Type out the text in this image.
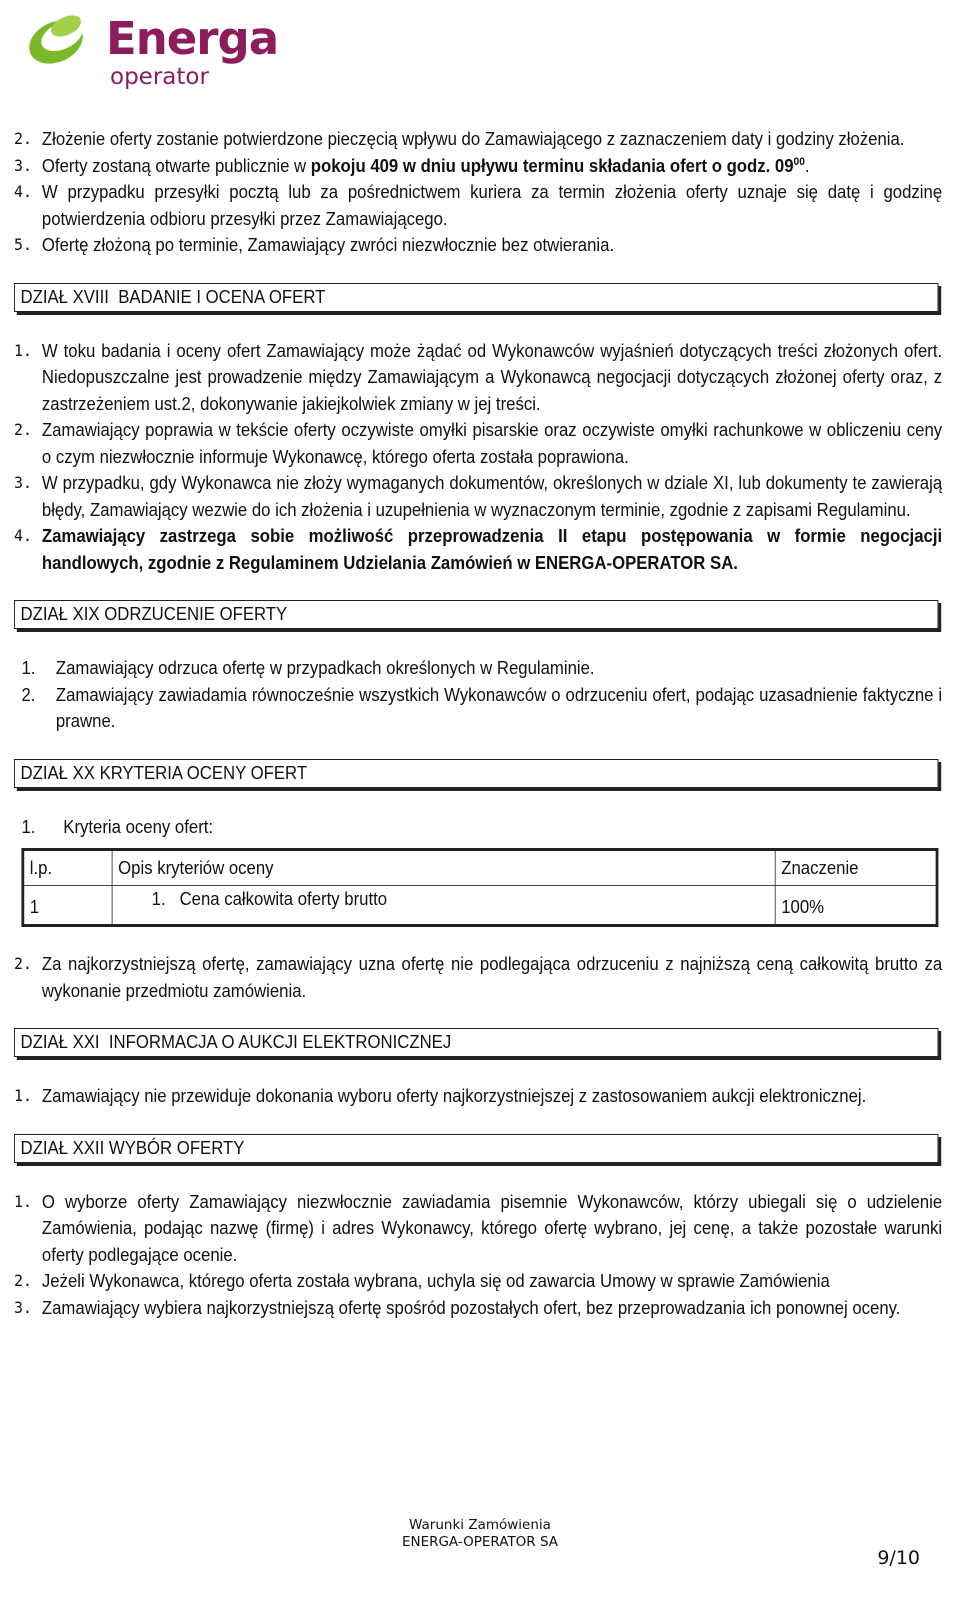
Energa
operator
2. Złożenie oferty zostanie potwierdzone pieczęcią wpływu do Zamawiającego z zaznaczeniem daty i godziny złożenia.
3. Oferty zostaną otwarte publicznie w pokoju 409 w dniu upływu terminu składania ofert o godz. $09^{00}$.
4. W przypadku przesyłki pocztą lub za pośrednictwem kuriera za termin złożenia oferty uznaje się datę i godzinę potwierdzenia odbioru przesyłki przez Zamawiającego.
5. Ofertę złożoną po terminie, Zamawiający zwróci niezwłocznie bez otwierania.
DZIAŁ XVIII BADANIE I OCENA OFERT
1. W toku badania i oceny ofert Zamawiający może żądać od Wykonawców wyjaśnień dotyczących treści złożonych ofert. Niedopuszczalne jest prowadzenie między Zamawiającym a Wykonawcą negocjacji dotyczących złożonej oferty oraz, z zastrzeżeniem ust.2, dokonywanie jakiejkolwiek zmiany w jej treści.
2. Zamawiający poprawia w tekście oferty oczywiste omyłki pisarskie oraz oczywiste omyłki rachunkowe w obliczeniu ceny o czym niezwłocznie informuje Wykonawcę, którego oferta została poprawiona.
3. W przypadku, gdy Wykonawca nie złoży wymaganych dokumentów, określonych w dziale XI, lub dokumenty te zawierają błędy, Zamawiający wezwie do ich złożenia i uzupełnienia w wyznaczonym terminie, zgodnie z zapisami Regulaminu.
4. Zamawiający zastrzega sobie możliwość przeprowadzenia II etapu postępowania w formie negocjacji handlowych, zgodnie z Regulaminem Udzielania Zamówień w ENERGA-OPERATOR SA.
DZIAŁ XIX ODRZUCENIE OFERTY
1. Zamawiający odrzuca ofertę w przypadkach określonych w Regulaminie.
2. Zamawiający zawiadamia równocześnie wszystkich Wykonawców o odrzuceniu ofert, podając uzasadnienie faktyczne i prawne.
DZIAŁ XX KRYTERIA OCENY OFERT
1. Kryteria oceny ofert:
l.p.	Opis kryteriów oceny	Znaczenie
1	1. Cena całkowita oferty brutto	100%
2. Za najkorzystniejszą ofertę, zamawiający uzna ofertę nie podlegająca odrzuceniu z najniższą ceną całkowitą brutto za wykonanie przedmiotu zamówienia.
DZIAŁ XXI INFORMACJA O AUKCJI ELEKTRONICZNEJ
1. Zamawiający nie przewiduje dokonania wyboru oferty najkorzystniejszej z zastosowaniem aukcji elektronicznej.
DZIAŁ XXII WYBÓR OFERTY
1. O wyborze oferty Zamawiający niezwłocznie zawiadamia pisemnie Wykonawców, którzy ubiegali się o udzielenie Zamówienia, podając nazwę (firmę) i adres Wykonawcy, którego ofertę wybrano, jej cenę, a także pozostałe warunki oferty podlegające ocenie.
2. Jeżeli Wykonawca, którego oferta została wybrana, uchyla się od zawarcia Umowy w sprawie Zamówienia
3. Zamawiający wybiera najkorzystniejszą ofertę spośród pozostałych ofert, bez przeprowadzania ich ponownej oceny.
Warunki Zamówienia
ENERGA-OPERATOR SA
9/10
